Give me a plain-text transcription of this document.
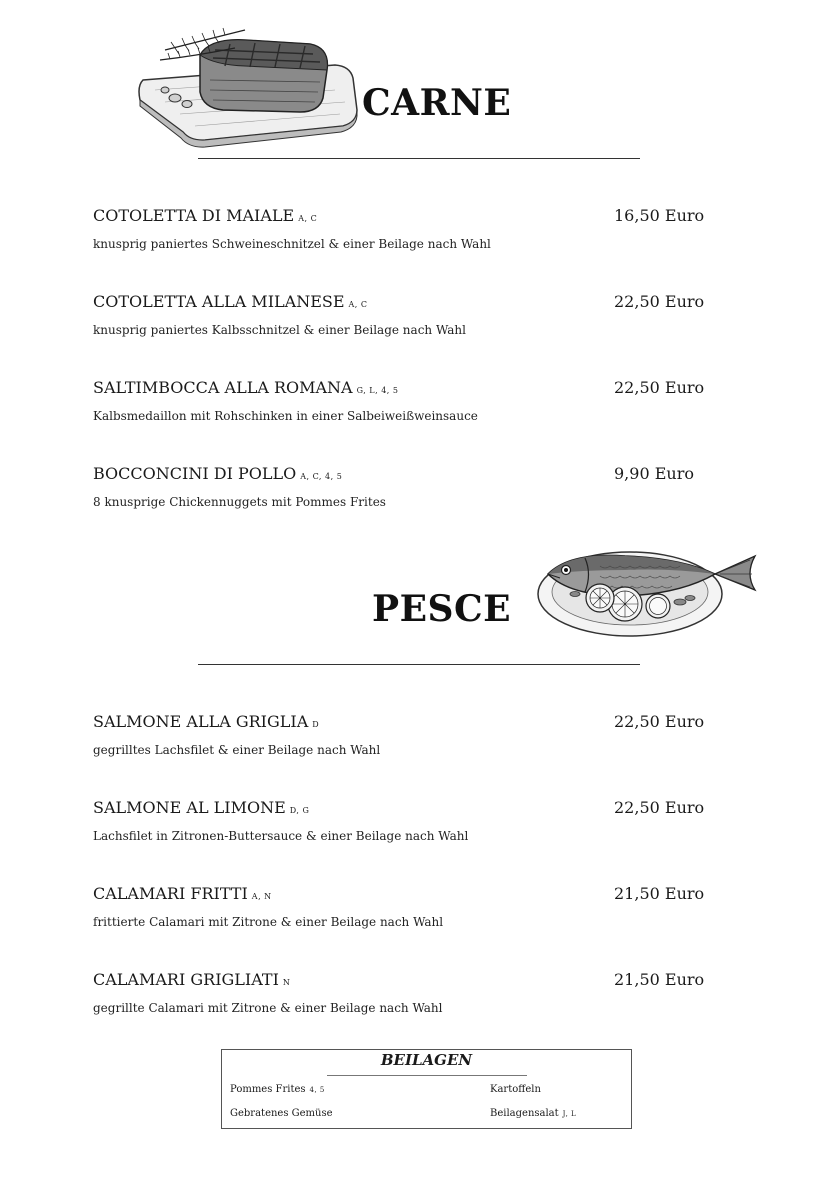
CARNE
COTOLETTA DI MAIALE A, C	16,50 Euro
knusprig paniertes Schweineschnitzel & einer Beilage nach Wahl
COTOLETTA ALLA MILANESE A, C	22,50 Euro
knusprig paniertes Kalbsschnitzel & einer Beilage nach Wahl
SALTIMBOCCA ALLA ROMANA G, L, 4, 5	22,50 Euro
Kalbsmedaillon mit Rohschinken in einer Salbeiweißweinsauce
BOCCONCINI DI POLLO A, C, 4, 5	9,90 Euro
8 knusprige Chickennuggets mit Pommes Frites
PESCE
SALMONE ALLA GRIGLIA D	22,50 Euro
gegrilltes Lachsfilet & einer Beilage nach Wahl
SALMONE AL LIMONE D, G	22,50 Euro
Lachsfilet in Zitronen-Buttersauce & einer Beilage nach Wahl
CALAMARI FRITTI A, N	21,50 Euro
frittierte Calamari mit Zitrone & einer Beilage nach Wahl
CALAMARI GRIGLIATI N	21,50 Euro
gegrillte Calamari mit Zitrone & einer Beilage nach Wahl
BEILAGEN
Pommes Frites 4, 5	Kartoffeln
Gebratenes Gemüse	Beilagensalat J, L
